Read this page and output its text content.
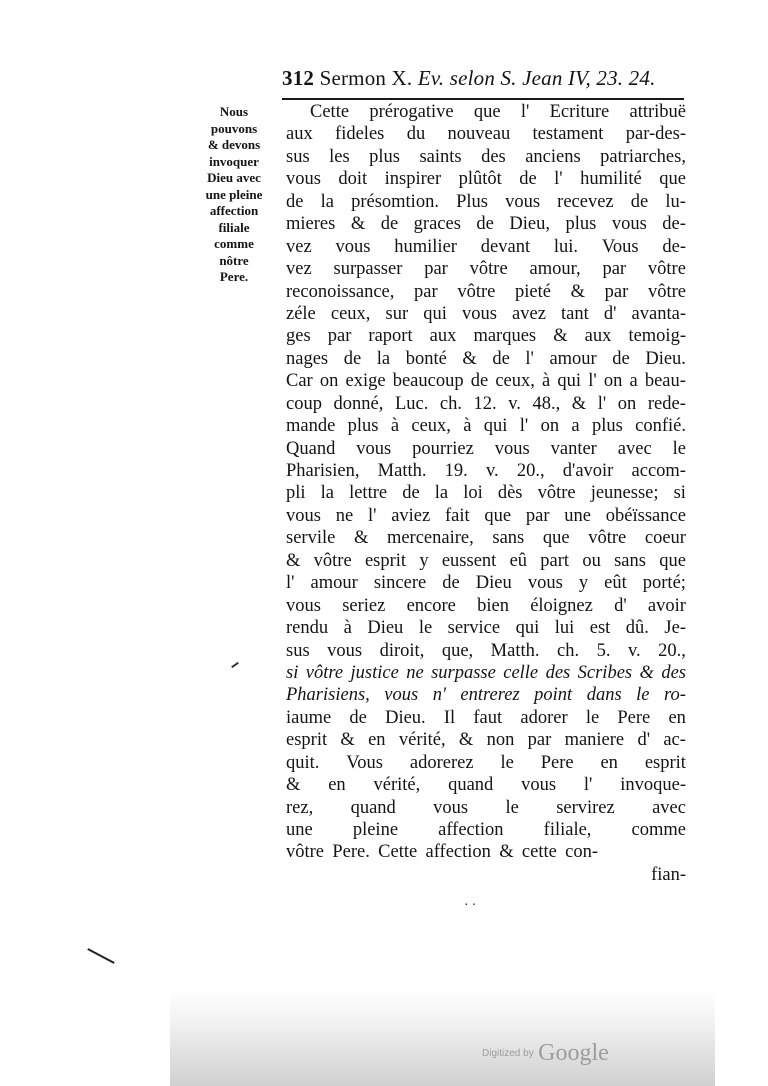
312 Sermon X. Ev. selon S. Jean IV, 23. 24.
Nous
pouvons
& devons
invoquer
Dieu avec
une pleine
affection
filiale
comme
nôtre
Pere.
Cette prérogative que l' Ecriture attribuë
aux fideles du nouveau testament par-des-
sus les plus saints des anciens patriarches,
vous doit inspirer plûtôt de l' humilité que
de la présomtion. Plus vous recevez de lu-
mieres & de graces de Dieu, plus vous de-
vez vous humilier devant lui. Vous de-
vez surpasser par vôtre amour, par vôtre
reconoissance, par vôtre pieté & par vôtre
zéle ceux, sur qui vous avez tant d' avanta-
ges par raport aux marques & aux temoig-
nages de la bonté & de l' amour de Dieu.
Car on exige beaucoup de ceux, à qui l' on a beau-
coup donné, Luc. ch. 12. v. 48., & l' on rede-
mande plus à ceux, à qui l' on a plus confié.
Quand vous pourriez vous vanter avec le
Pharisien, Matth. 19. v. 20., d'avoir accom-
pli la lettre de la loi dès vôtre jeunesse; si
vous ne l' aviez fait que par une obéïssance
servile & mercenaire, sans que vôtre coeur
& vôtre esprit y eussent eû part ou sans que
l' amour sincere de Dieu vous y eût porté;
vous seriez encore bien éloignez d' avoir
rendu à Dieu le service qui lui est dû. Je-
sus vous diroit, que, Matth. ch. 5. v. 20.,
si vôtre justice ne surpasse celle des Scribes & des
Pharisiens, vous n' entrerez point dans le ro-
iaume de Dieu. Il faut adorer le Pere en
esprit & en vérité, & non par maniere d' ac-
quit. Vous adorerez le Pere en esprit
& en vérité, quand vous l' invoque-
rez, quand vous le servirez avec
une pleine affection filiale, comme
vôtre Pere. Cette affection & cette con-
fian-
··
Digitized by Google
